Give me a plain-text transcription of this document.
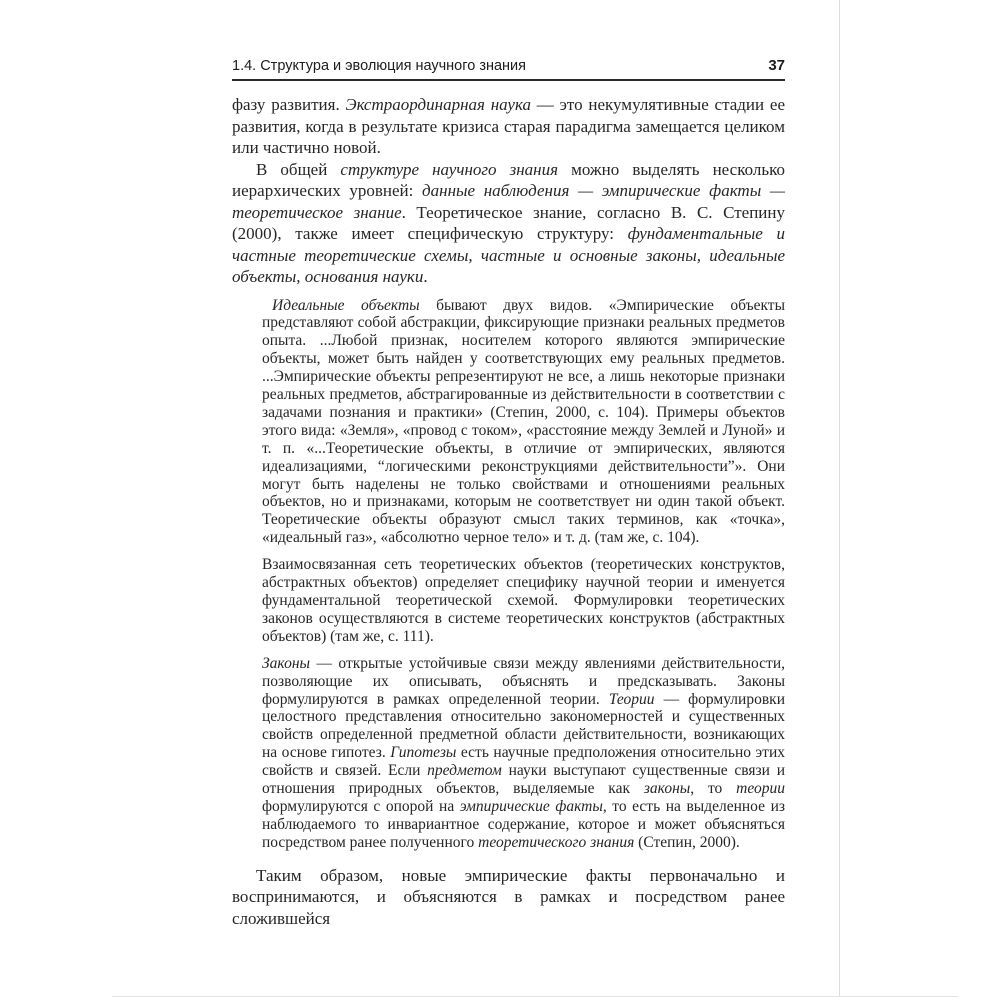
1.4. Структура и эволюция научного знания	37

фазу развития. Экстраординарная наука — это некумулятивные стадии ее развития, когда в результате кризиса старая парадигма замещается целиком или частично новой.

В общей структуре научного знания можно выделять несколько иерархических уровней: данные наблюдения — эмпирические факты — теоретическое знание. Теоретическое знание, согласно В. С. Степину (2000), также имеет специфическую структуру: фундаментальные и частные теоретические схемы, частные и основные законы, идеальные объекты, основания науки.

Идеальные объекты бывают двух видов. «Эмпирические объекты представляют собой абстракции, фиксирующие признаки реальных предметов опыта. ...Любой признак, носителем которого являются эмпирические объекты, может быть найден у соответствующих ему реальных предметов. ...Эмпирические объекты репрезентируют не все, а лишь некоторые признаки реальных предметов, абстрагированные из действительности в соответствии с задачами познания и практики» (Степин, 2000, с. 104). Примеры объектов этого вида: «Земля», «провод с током», «расстояние между Землей и Луной» и т. п. «...Теоретические объекты, в отличие от эмпирических, являются идеализациями, “логическими реконструкциями действительности”». Они могут быть наделены не только свойствами и отношениями реальных объектов, но и признаками, которым не соответствует ни один такой объект. Теоретические объекты образуют смысл таких терминов, как «точка», «идеальный газ», «абсолютно черное тело» и т. д. (там же, с. 104).

Взаимосвязанная сеть теоретических объектов (теоретических конструктов, абстрактных объектов) определяет специфику научной теории и именуется фундаментальной теоретической схемой. Формулировки теоретических законов осуществляются в системе теоретических конструктов (абстрактных объектов) (там же, с. 111).

Законы — открытые устойчивые связи между явлениями действительности, позволяющие их описывать, объяснять и предсказывать. Законы формулируются в рамках определенной теории. Теории — формулировки целостного представления относительно закономерностей и существенных свойств определенной предметной области действительности, возникающих на основе гипотез. Гипотезы есть научные предположения относительно этих свойств и связей. Если предметом науки выступают существенные связи и отношения природных объектов, выделяемые как законы, то теории формулируются с опорой на эмпирические факты, то есть на выделенное из наблюдаемого то инвариантное содержание, которое и может объясняться посредством ранее полученного теоретического знания (Степин, 2000).

Таким образом, новые эмпирические факты первоначально и воспринимаются, и объясняются в рамках и посредством ранее сложившейся
